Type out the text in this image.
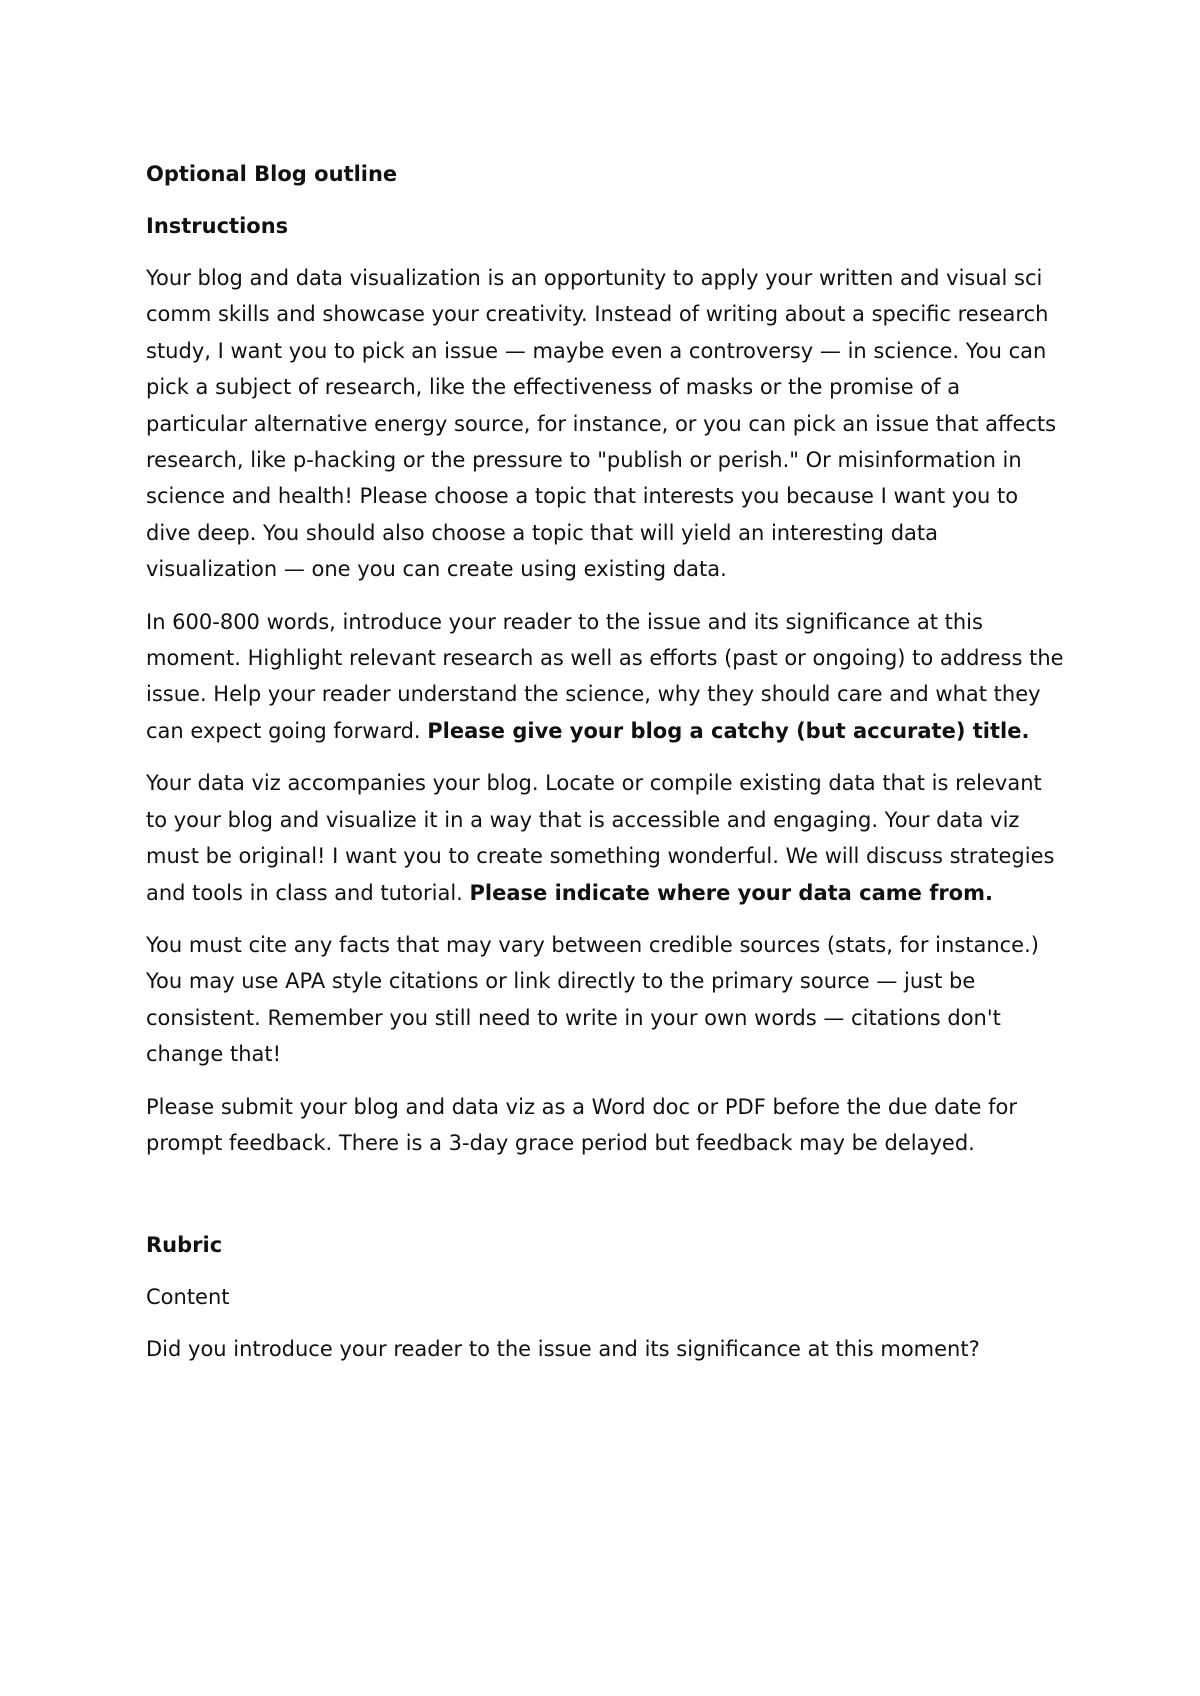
Optional Blog outline
Instructions

Your blog and data visualization is an opportunity to apply your written and visual sci comm skills and showcase your creativity. Instead of writing about a specific research study, I want you to pick an issue — maybe even a controversy — in science. You can pick a subject of research, like the effectiveness of masks or the promise of a particular alternative energy source, for instance, or you can pick an issue that affects research, like p-hacking or the pressure to "publish or perish." Or misinformation in science and health! Please choose a topic that interests you because I want you to dive deep. You should also choose a topic that will yield an interesting data visualization — one you can create using existing data.

In 600-800 words, introduce your reader to the issue and its significance at this moment. Highlight relevant research as well as efforts (past or ongoing) to address the issue. Help your reader understand the science, why they should care and what they can expect going forward. Please give your blog a catchy (but accurate) title.

Your data viz accompanies your blog. Locate or compile existing data that is relevant to your blog and visualize it in a way that is accessible and engaging. Your data viz must be original! I want you to create something wonderful. We will discuss strategies and tools in class and tutorial. Please indicate where your data came from.

You must cite any facts that may vary between credible sources (stats, for instance.) You may use APA style citations or link directly to the primary source — just be consistent. Remember you still need to write in your own words — citations don't change that!

Please submit your blog and data viz as a Word doc or PDF before the due date for prompt feedback. There is a 3-day grace period but feedback may be delayed.

Rubric
Content

Did you introduce your reader to the issue and its significance at this moment?
